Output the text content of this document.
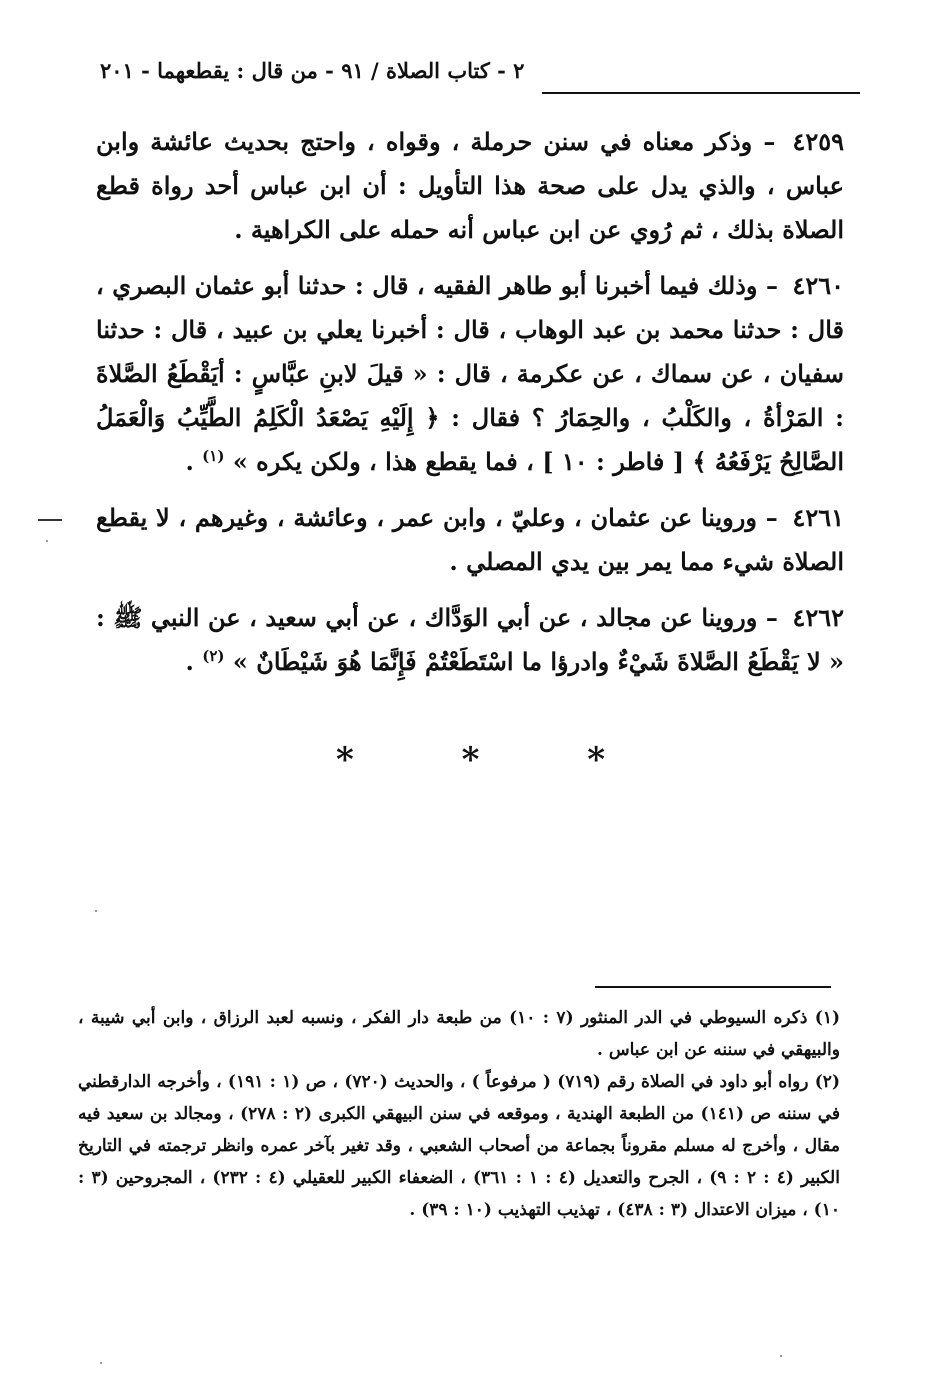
٢ - كتاب الصلاة / ٩١ - من قال : يقطعهما - ٢٠١

٤٢٥٩ – وذكر معناه في سنن حرملة ، وقواه ، واحتج بحديث عائشة وابن عباس ، والذي يدل على صحة هذا التأويل : أن ابن عباس أحد رواة قطع الصلاة بذلك ، ثم رُوي عن ابن عباس أنه حمله على الكراهية .

٤٢٦٠ – وذلك فيما أخبرنا أبو طاهر الفقيه ، قال : حدثنا أبو عثمان البصري ، قال : حدثنا محمد بن عبد الوهاب ، قال : أخبرنا يعلي بن عبيد ، قال : حدثنا سفيان ، عن سماك ، عن عكرمة ، قال : « قيلَ لابنِ عبَّاسٍ : أيَقْطَعُ الصَّلاةَ : المَرْأةُ ، والكَلْبُ ، والحِمَارُ ؟ فقال : ﴿ إِلَيْهِ يَصْعَدُ الْكَلِمُ الطَّيِّبُ وَالْعَمَلُ الصَّالِحُ يَرْفَعُهُ ﴾ [ فاطر : ١٠ ] ، فما يقطع هذا ، ولكن يكره » $^{(١)}$ .

٤٢٦١ – وروينا عن عثمان ، وعليّ ، وابن عمر ، وعائشة ، وغيرهم ، لا يقطع الصلاة شيء مما يمر بين يدي المصلي .

٤٢٦٢ – وروينا عن مجالد ، عن أبي الوَدَّاك ، عن أبي سعيد ، عن النبي ﷺ : « لا يَقْطَعُ الصَّلاةَ شَيْءٌ وادرؤا ما اسْتَطَعْتُمْ فَإِنَّمَا هُوَ شَيْطَانٌ » $^{(٢)}$ .

* * *

(١) ذكره السيوطي في الدر المنثور (٧ : ١٠) من طبعة دار الفكر ، ونسبه لعبد الرزاق ، وابن أبي شيبة ، والبيهقي في سننه عن ابن عباس .

(٢) رواه أبو داود في الصلاة رقم (٧١٩) ( مرفوعاً ) ، والحديث (٧٢٠) ، ص (١ : ١٩١) ، وأخرجه الدارقطني في سننه ص (١٤١) من الطبعة الهندية ، وموقعه في سنن البيهقي الكبرى (٢ : ٢٧٨) ، ومجالد بن سعيد فيه مقال ، وأخرج له مسلم مقروناً بجماعة من أصحاب الشعبي ، وقد تغير بآخر عمره وانظر ترجمته في التاريخ الكبير (٤ : ٢ : ٩) ، الجرح والتعديل (٤ : ١ : ٣٦١) ، الضعفاء الكبير للعقيلي (٤ : ٢٣٢) ، المجروحين (٣ : ١٠) ، ميزان الاعتدال (٣ : ٤٣٨) ، تهذيب التهذيب (١٠ : ٣٩) .
